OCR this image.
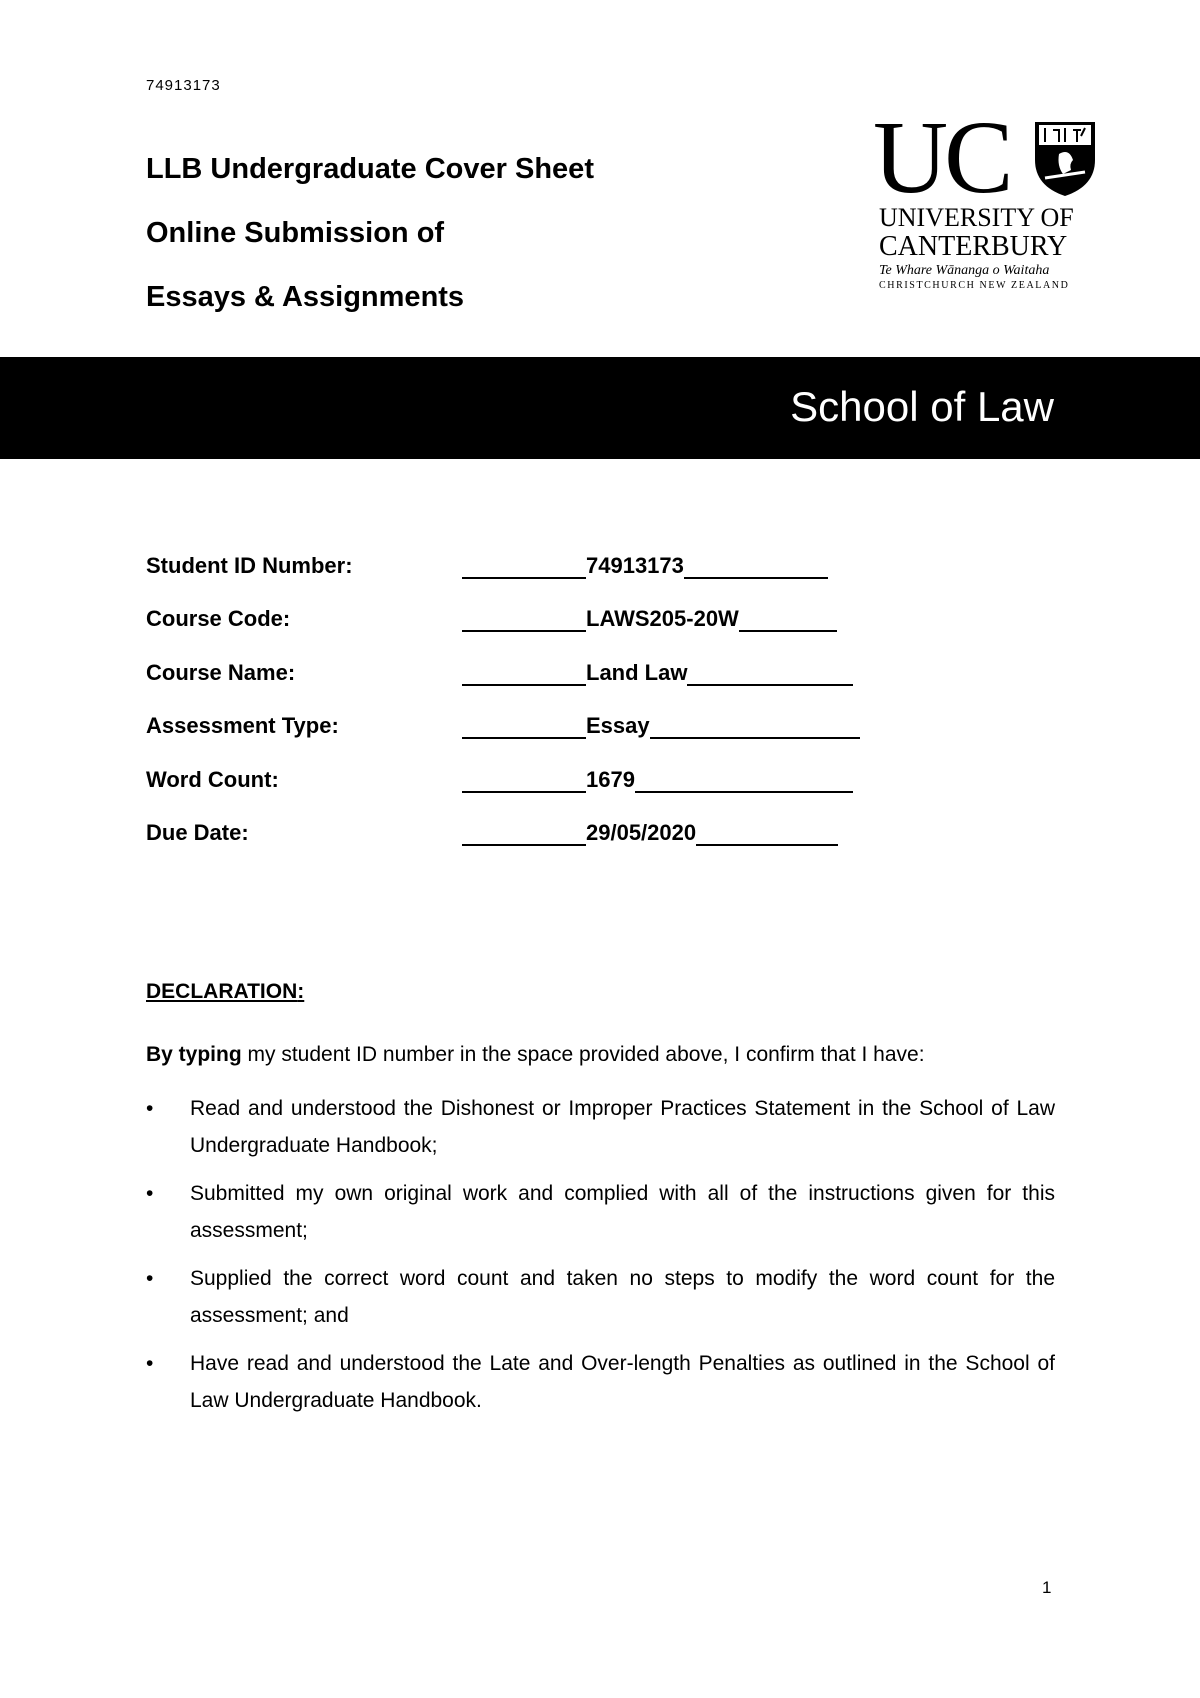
74913173
LLB Undergraduate Cover Sheet
Online Submission of
Essays & Assignments
UC
UNIVERSITY OF
CANTERBURY
Te Whare Wānanga o Waitaha
CHRISTCHURCH NEW ZEALAND
School of Law
Student ID Number:	74913173
Course Code:	LAWS205-20W
Course Name:	Land Law
Assessment Type:	Essay
Word Count:	1679
Due Date:	29/05/2020
DECLARATION:
By typing my student ID number in the space provided above, I confirm that I have:
• Read and understood the Dishonest or Improper Practices Statement in the School of Law Undergraduate Handbook;
• Submitted my own original work and complied with all of the instructions given for this assessment;
• Supplied the correct word count and taken no steps to modify the word count for the assessment; and
• Have read and understood the Late and Over-length Penalties as outlined in the School of Law Undergraduate Handbook.
1
